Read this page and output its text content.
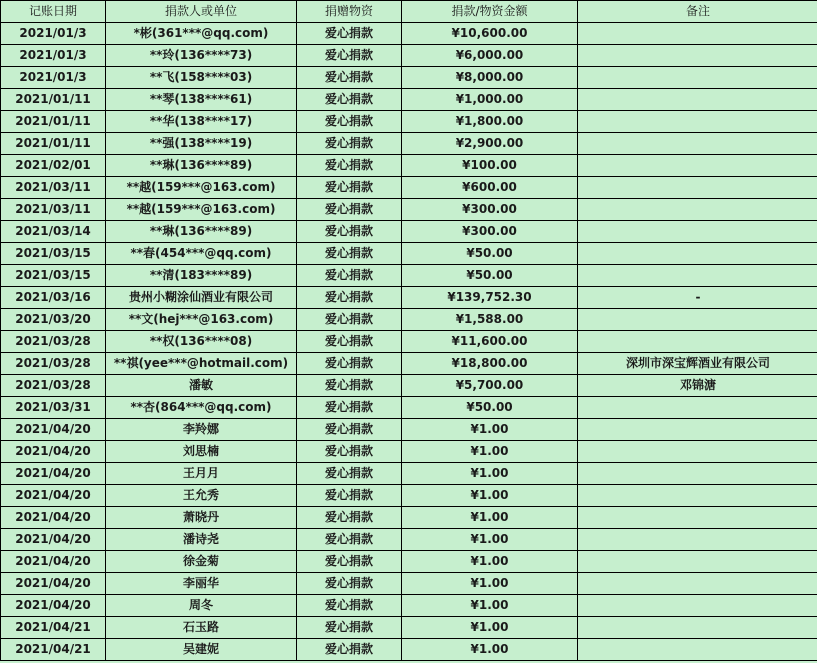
记账日期	捐款人或单位	捐赠物资	捐款/物资金额	备注
2021/01/3	*彬(361***@qq.com)	爱心捐款	¥10,600.00	
2021/01/3	**玲(136****73)	爱心捐款	¥6,000.00	
2021/01/3	**飞(158****03)	爱心捐款	¥8,000.00	
2021/01/11	**琴(138****61)	爱心捐款	¥1,000.00	
2021/01/11	**华(138****17)	爱心捐款	¥1,800.00	
2021/01/11	**强(138****19)	爱心捐款	¥2,900.00	
2021/02/01	**琳(136****89)	爱心捐款	¥100.00	
2021/03/11	**越(159***@163.com)	爱心捐款	¥600.00	
2021/03/11	**越(159***@163.com)	爱心捐款	¥300.00	
2021/03/14	**琳(136****89)	爱心捐款	¥300.00	
2021/03/15	**春(454***@qq.com)	爱心捐款	¥50.00	
2021/03/15	**清(183****89)	爱心捐款	¥50.00	
2021/03/16	贵州小糊涂仙酒业有限公司	爱心捐款	¥139,752.30	-
2021/03/20	**文(hej***@163.com)	爱心捐款	¥1,588.00	
2021/03/28	**权(136****08)	爱心捐款	¥11,600.00	
2021/03/28	**祺(yee***@hotmail.com)	爱心捐款	¥18,800.00	深圳市深宝辉酒业有限公司
2021/03/28	潘敏	爱心捐款	¥5,700.00	邓锦溏
2021/03/31	**杏(864***@qq.com)	爱心捐款	¥50.00	
2021/04/20	李羚娜	爱心捐款	¥1.00	
2021/04/20	刘思楠	爱心捐款	¥1.00	
2021/04/20	王月月	爱心捐款	¥1.00	
2021/04/20	王允秀	爱心捐款	¥1.00	
2021/04/20	萧晓丹	爱心捐款	¥1.00	
2021/04/20	潘诗尧	爱心捐款	¥1.00	
2021/04/20	徐金菊	爱心捐款	¥1.00	
2021/04/20	李丽华	爱心捐款	¥1.00	
2021/04/20	周冬	爱心捐款	¥1.00	
2021/04/21	石玉路	爱心捐款	¥1.00	
2021/04/21	吴建妮	爱心捐款	¥1.00	
